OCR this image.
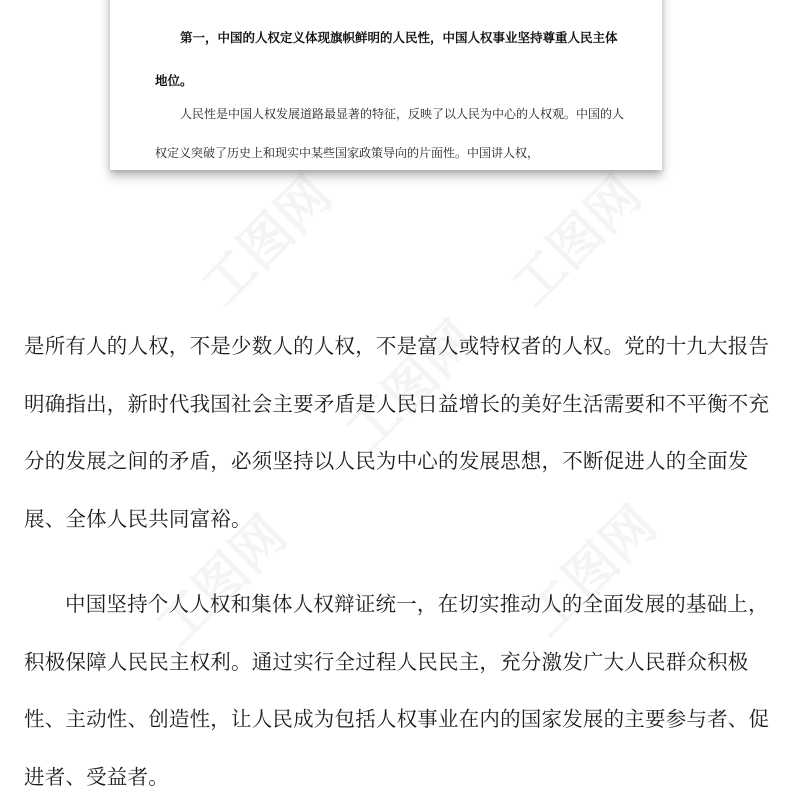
第一，中国的人权定义体现旗帜鲜明的人民性，中国人权事业坚持尊重人民主体地位。
人民性是中国人权发展道路最显著的特征，反映了以人民为中心的人权观。中国的人权定义突破了历史上和现实中某些国家政策导向的片面性。中国讲人权，

是所有人的人权，不是少数人的人权，不是富人或特权者的人权。党的十九大报告明确指出，新时代我国社会主要矛盾是人民日益增长的美好生活需要和不平衡不充分的发展之间的矛盾，必须坚持以人民为中心的发展思想，不断促进人的全面发展、全体人民共同富裕。

中国坚持个人人权和集体人权辩证统一，在切实推动人的全面发展的基础上，积极保障人民民主权利。通过实行全过程人民民主，充分激发广大人民群众积极性、主动性、创造性，让人民成为包括人权事业在内的国家发展的主要参与者、促进者、受益者。
